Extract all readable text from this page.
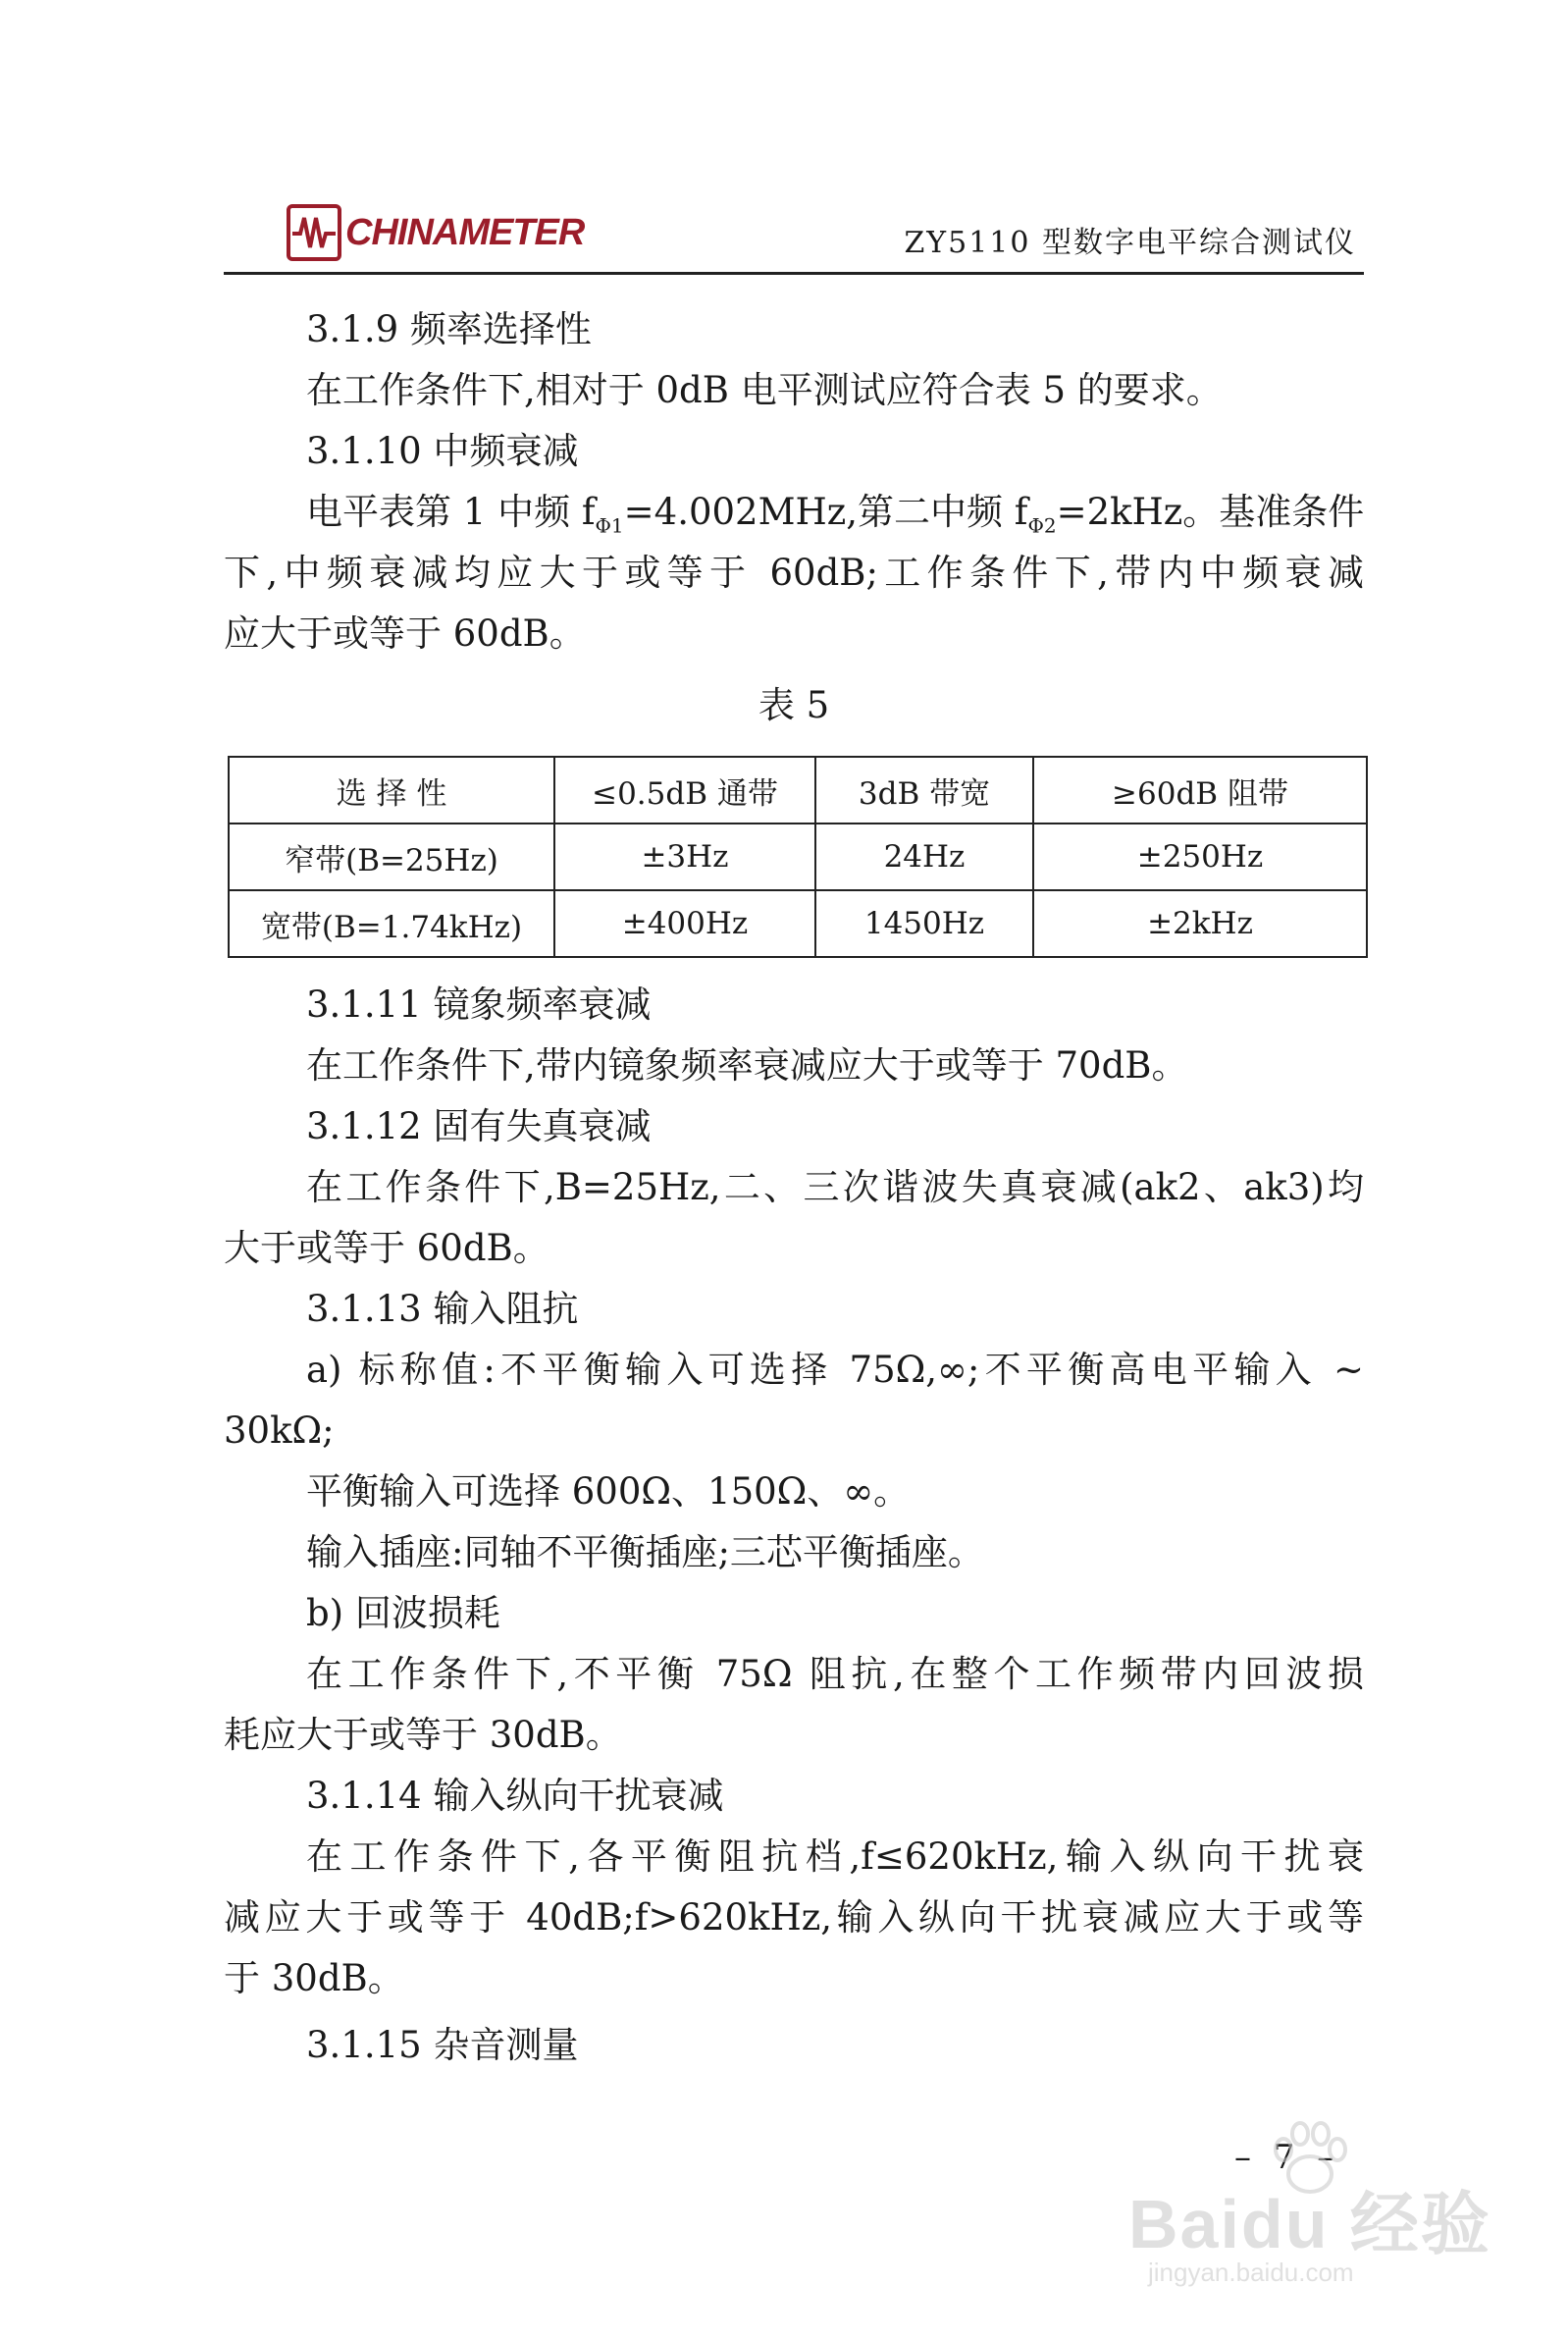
CHINAMETER	ZY5110 型数字电平综合测试仪
3.1.9 频率选择性
在工作条件下,相对于 0dB 电平测试应符合表 5 的要求。
3.1.10 中频衰减
电平表第 1 中频 $f_{\Phi 1}=4.002MHz$,第二中频 $f_{\Phi 2}=2kHz$。基准条件
下,中频衰减均应大于或等于 60dB;工作条件下,带内中频衰减
应大于或等于 60dB。
表 5
选 择 性	≤0.5dB 通带	3dB 带宽	≥60dB 阻带
窄带(B=25Hz)	±3Hz	24Hz	±250Hz
宽带(B=1.74kHz)	±400Hz	1450Hz	±2kHz
3.1.11 镜象频率衰减
在工作条件下,带内镜象频率衰减应大于或等于 70dB。
3.1.12 固有失真衰减
在工作条件下,B=25Hz,二、三次谐波失真衰减(ak2、ak3)均
大于或等于 60dB。
3.1.13 输入阻抗
a) 标称值:不平衡输入可选择 75Ω,∞;不平衡高电平输入 ~
30kΩ;
平衡输入可选择 600Ω、150Ω、∞。
输入插座:同轴不平衡插座;三芯平衡插座。
b) 回波损耗
在工作条件下,不平衡 75Ω 阻抗,在整个工作频带内回波损
耗应大于或等于 30dB。
3.1.14 输入纵向干扰衰减
在工作条件下,各平衡阻抗档,f≤620kHz,输入纵向干扰衰
减应大于或等于 40dB;f>620kHz,输入纵向干扰衰减应大于或等
于 30dB。
3.1.15 杂音测量
– 7 –
Baidu 经验
jingyan.baidu.com
